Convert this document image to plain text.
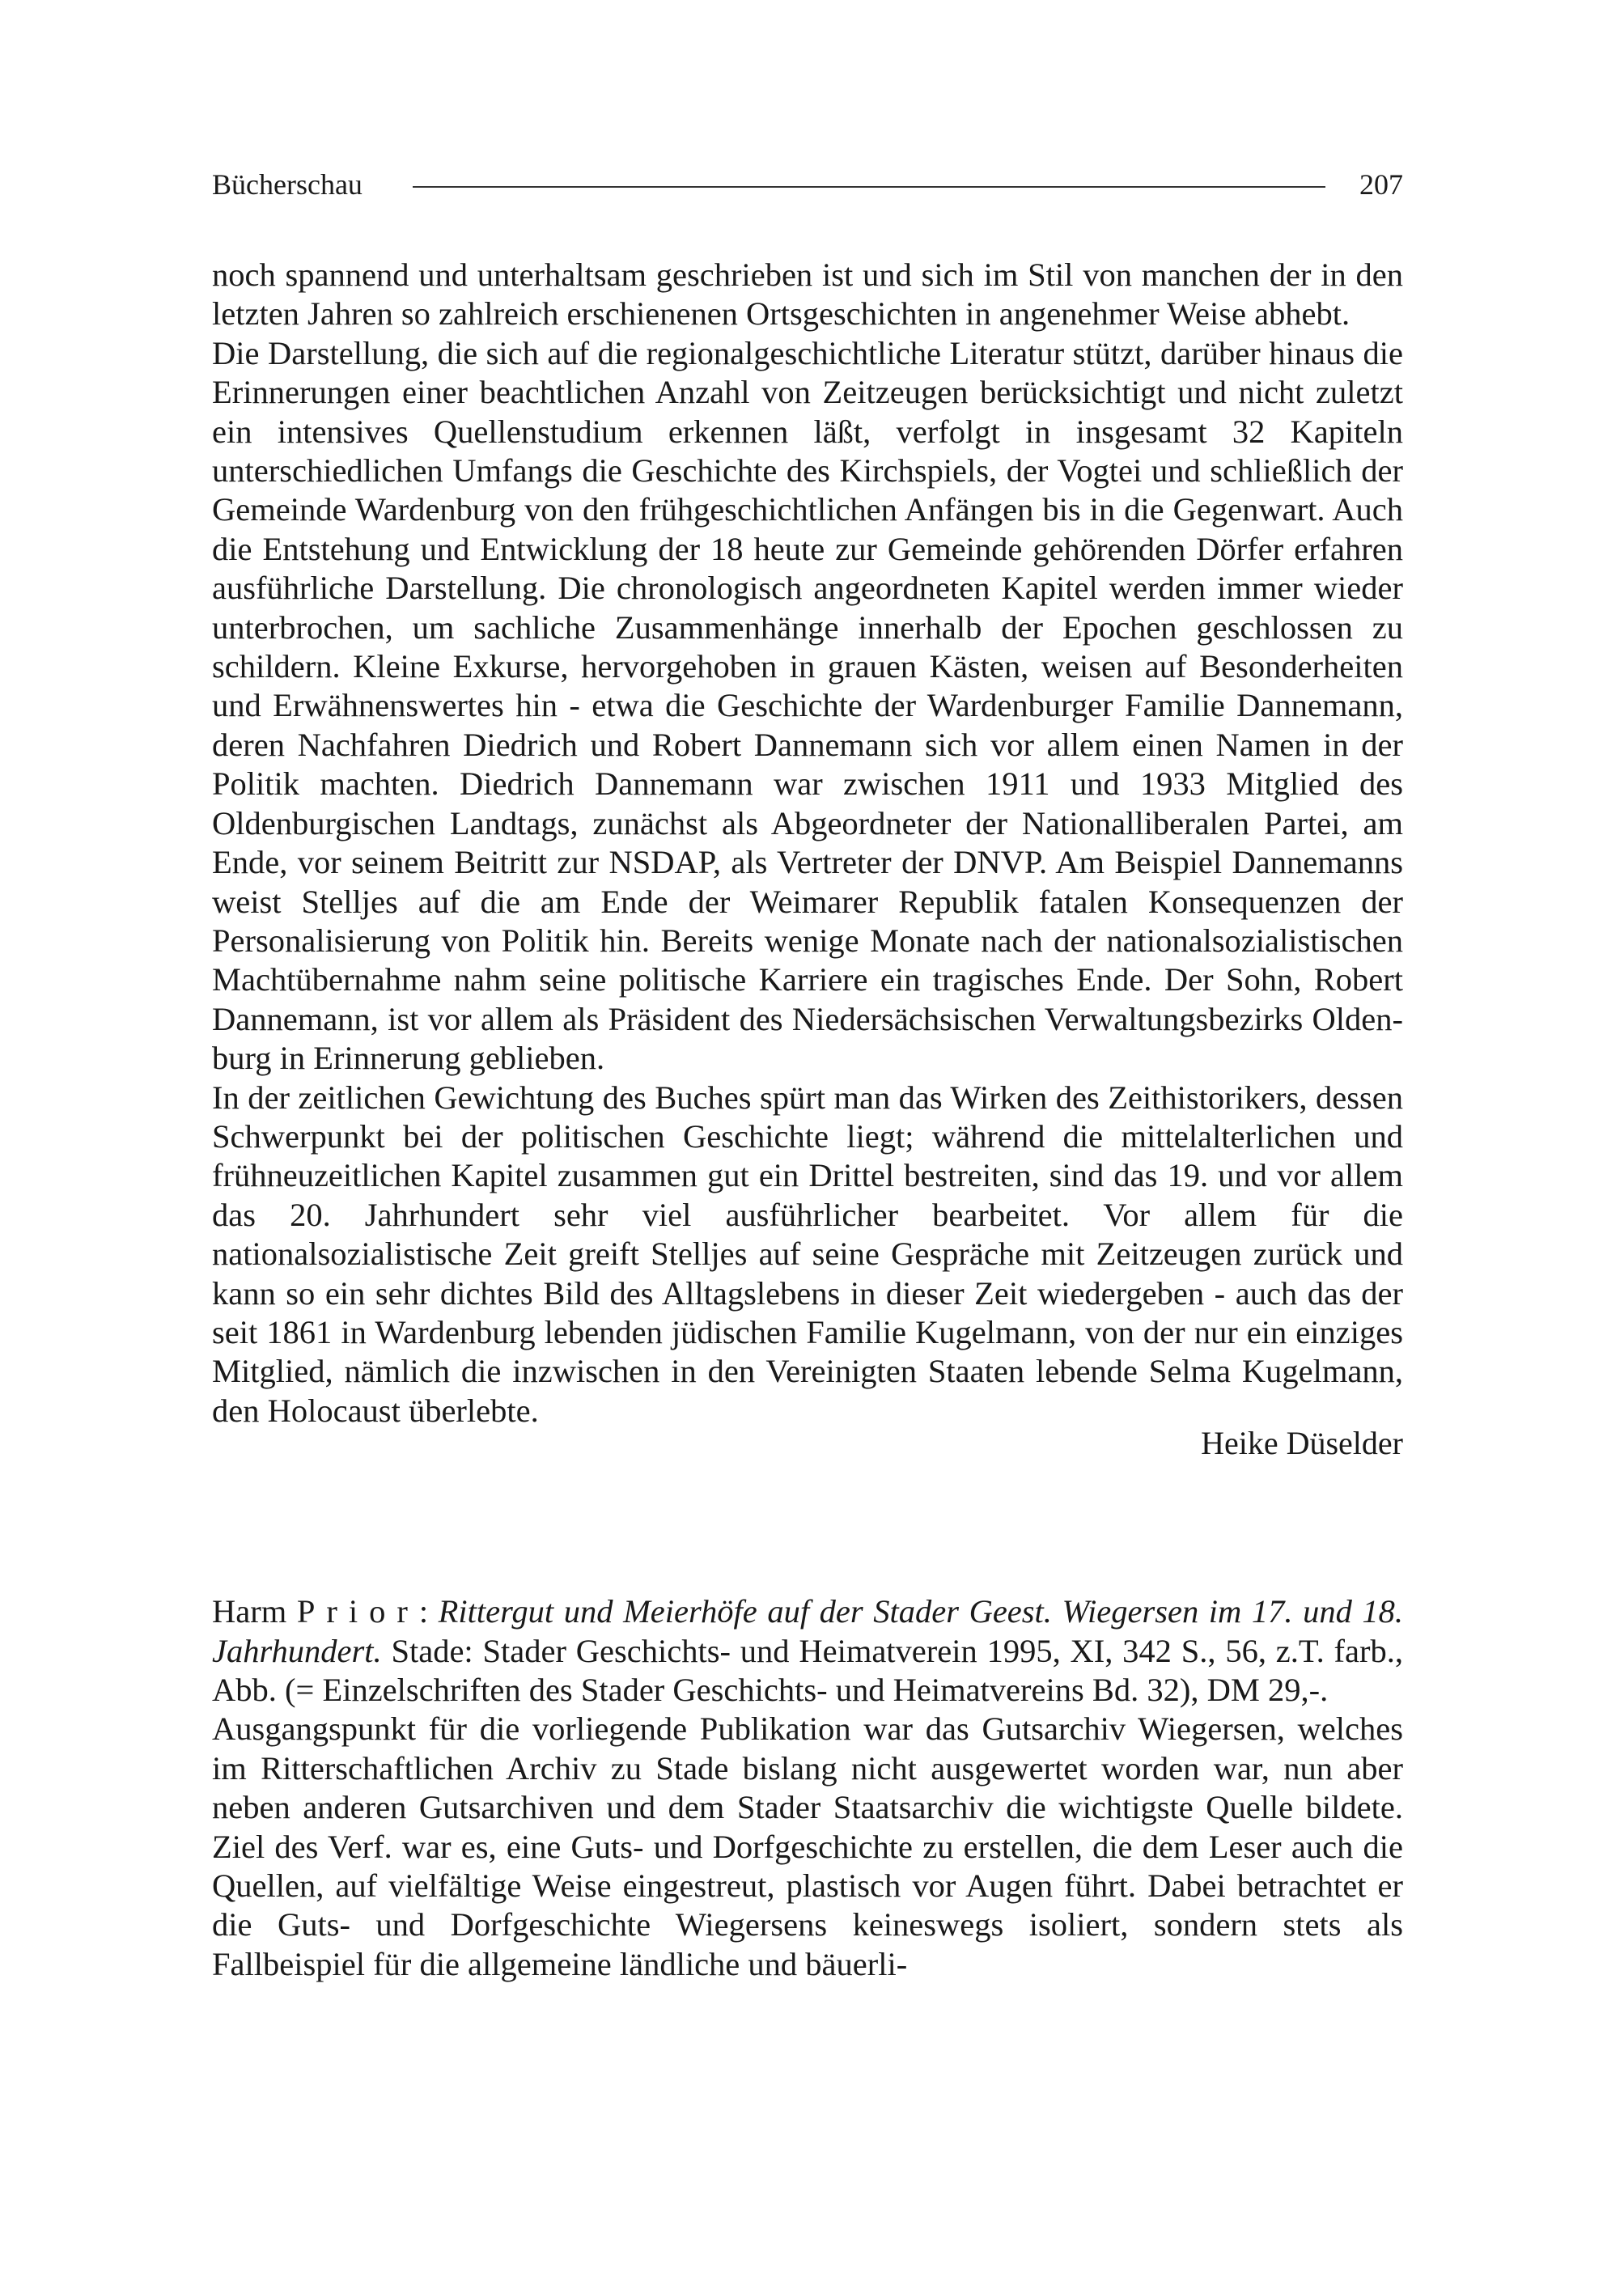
Bücherschau	207

noch spannend und unterhaltsam geschrieben ist und sich im Stil von manchen der in den letzten Jahren so zahlreich erschienenen Ortsgeschichten in angenehmer Weise abhebt.

Die Darstellung, die sich auf die regionalgeschichtliche Literatur stützt, darüber hinaus die Erinnerungen einer beachtlichen Anzahl von Zeitzeugen berücksichtigt und nicht zuletzt ein intensives Quellenstudium erkennen läßt, verfolgt in insgesamt 32 Kapiteln unterschiedlichen Umfangs die Geschichte des Kirchspiels, der Vogtei und schließlich der Gemeinde Wardenburg von den frühgeschichtlichen Anfängen bis in die Gegenwart. Auch die Entstehung und Entwicklung der 18 heute zur Gemeinde gehörenden Dörfer erfahren ausführliche Darstellung. Die chronologisch angeordneten Kapitel werden immer wieder unterbrochen, um sachliche Zusammenhänge innerhalb der Epochen geschlossen zu schildern. Kleine Exkurse, hervorgehoben in grauen Kästen, weisen auf Besonderheiten und Erwähnenswertes hin - etwa die Geschichte der Wardenburger Familie Dannemann, deren Nachfahren Diedrich und Robert Dannemann sich vor allem einen Namen in der Politik machten. Diedrich Dannemann war zwischen 1911 und 1933 Mitglied des Oldenburgischen Landtags, zunächst als Abgeordneter der Nationalliberalen Partei, am Ende, vor seinem Beitritt zur NSDAP, als Vertreter der DNVP. Am Beispiel Dannemanns weist Stelljes auf die am Ende der Weimarer Republik fatalen Konsequenzen der Personalisierung von Politik hin. Bereits wenige Monate nach der nationalsozialistischen Machtübernahme nahm seine politische Karriere ein tragisches Ende. Der Sohn, Robert Dannemann, ist vor allem als Präsident des Niedersächsischen Verwaltungsbezirks Oldenburg in Erinnerung geblieben.

In der zeitlichen Gewichtung des Buches spürt man das Wirken des Zeithistorikers, dessen Schwerpunkt bei der politischen Geschichte liegt; während die mittelalterlichen und frühneuzeitlichen Kapitel zusammen gut ein Drittel bestreiten, sind das 19. und vor allem das 20. Jahrhundert sehr viel ausführlicher bearbeitet. Vor allem für die nationalsozialistische Zeit greift Stelljes auf seine Gespräche mit Zeitzeugen zurück und kann so ein sehr dichtes Bild des Alltagslebens in dieser Zeit wiedergeben - auch das der seit 1861 in Wardenburg lebenden jüdischen Familie Kugelmann, von der nur ein einziges Mitglied, nämlich die inzwischen in den Vereinigten Staaten lebende Selma Kugelmann, den Holocaust überlebte.

Heike Düselder

Harm Prior: Rittergut und Meierhöfe auf der Stader Geest. Wiegersen im 17. und 18. Jahrhundert. Stade: Stader Geschichts- und Heimatverein 1995, XI, 342 S., 56, z.T. farb., Abb. (= Einzelschriften des Stader Geschichts- und Heimatvereins Bd. 32), DM 29,-.

Ausgangspunkt für die vorliegende Publikation war das Gutsarchiv Wiegersen, welches im Ritterschaftlichen Archiv zu Stade bislang nicht ausgewertet worden war, nun aber neben anderen Gutsarchiven und dem Stader Staatsarchiv die wichtigste Quelle bildete. Ziel des Verf. war es, eine Guts- und Dorfgeschichte zu erstellen, die dem Leser auch die Quellen, auf vielfältige Weise eingestreut, plastisch vor Augen führt. Dabei betrachtet er die Guts- und Dorfgeschichte Wiegersens keineswegs isoliert, sondern stets als Fallbeispiel für die allgemeine ländliche und bäuerli-
